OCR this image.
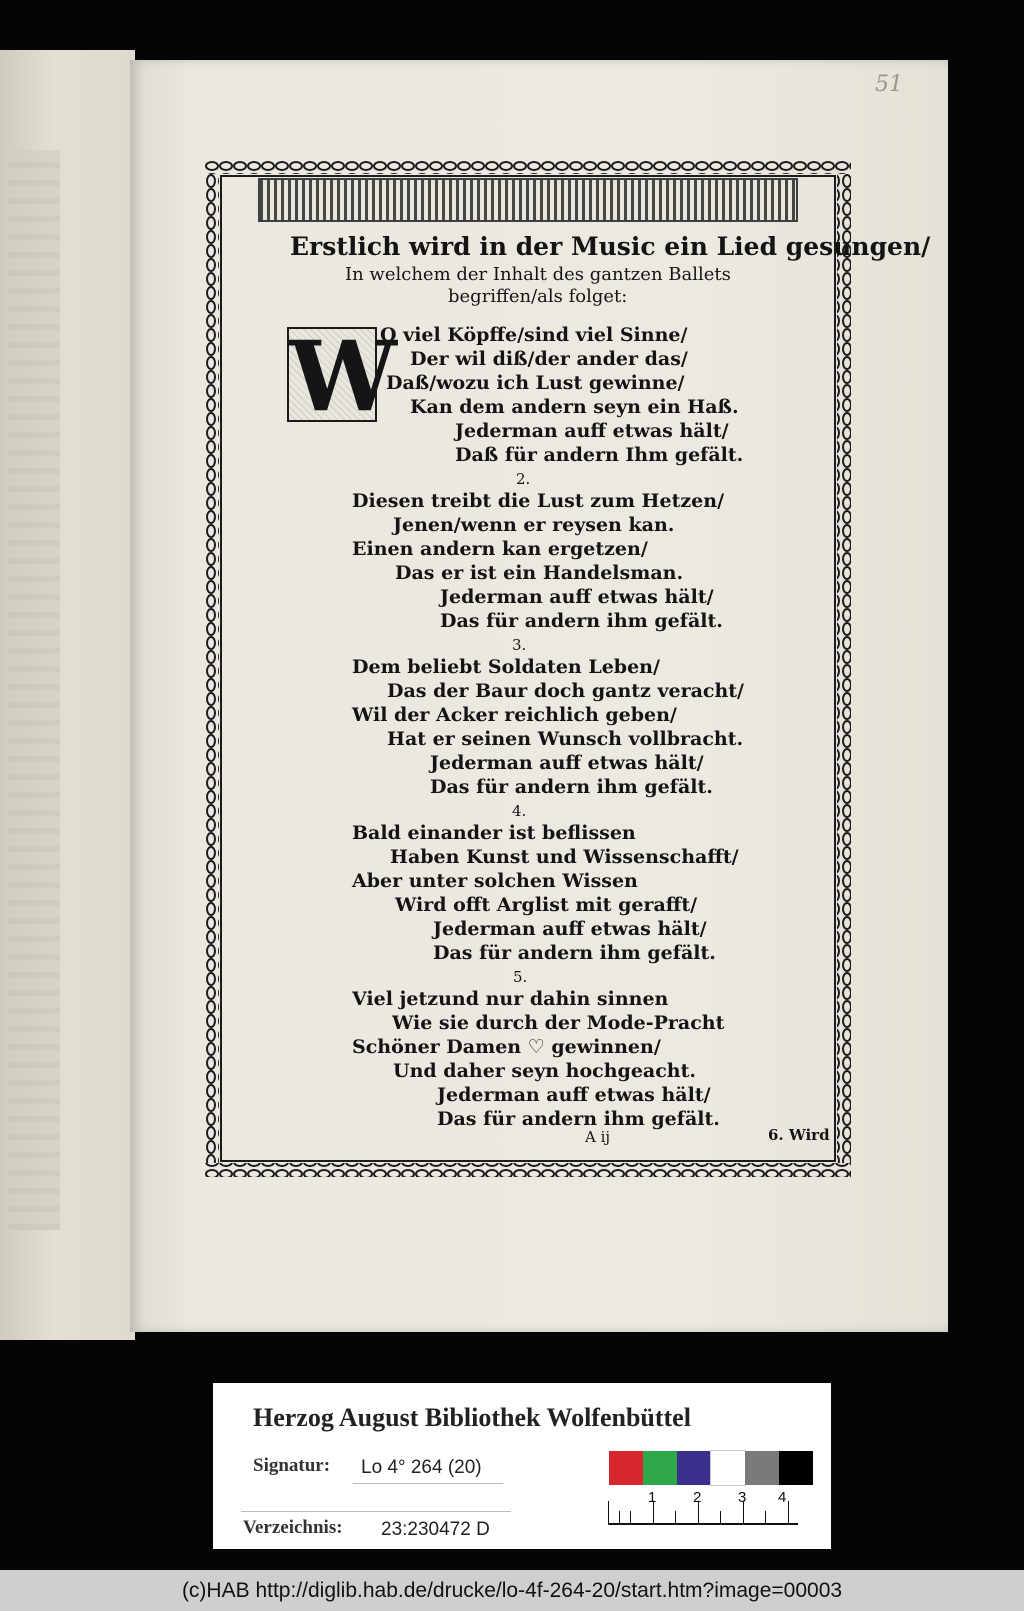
51
Erstlich wird in der Music ein Lied gesungen/
In welchem der Inhalt des gantzen Ballets
begriffen/als folget:
W
O viel Köpffe/sind viel Sinne/
Der wil diß/der ander das/
Daß/wozu ich Lust gewinne/
Kan dem andern seyn ein Haß.
Jederman auff etwas hält/
Daß für andern Ihm gefält.
2.
Diesen treibt die Lust zum Hetzen/
Jenen/wenn er reysen kan.
Einen andern kan ergetzen/
Das er ist ein Handelsman.
Jederman auff etwas hält/
Das für andern ihm gefält.
3.
Dem beliebt Soldaten Leben/
Das der Baur doch gantz veracht/
Wil der Acker reichlich geben/
Hat er seinen Wunsch vollbracht.
Jederman auff etwas hält/
Das für andern ihm gefält.
4.
Bald einander ist beflissen
Haben Kunst und Wissenschafft/
Aber unter solchen Wissen
Wird offt Arglist mit gerafft/
Jederman auff etwas hält/
Das für andern ihm gefält.
5.
Viel jetzund nur dahin sinnen
Wie sie durch der Mode-Pracht
Schöner Damen ♡ gewinnen/
Und daher seyn hochgeacht.
Jederman auff etwas hält/
Das für andern ihm gefält.
A ij	6. Wird
Herzog August Bibliothek Wolfenbüttel
Signatur: Lo 4° 264 (20)
Verzeichnis: 23:230472 D
1 2 3 4
(c)HAB http://diglib.hab.de/drucke/lo-4f-264-20/start.htm?image=00003
